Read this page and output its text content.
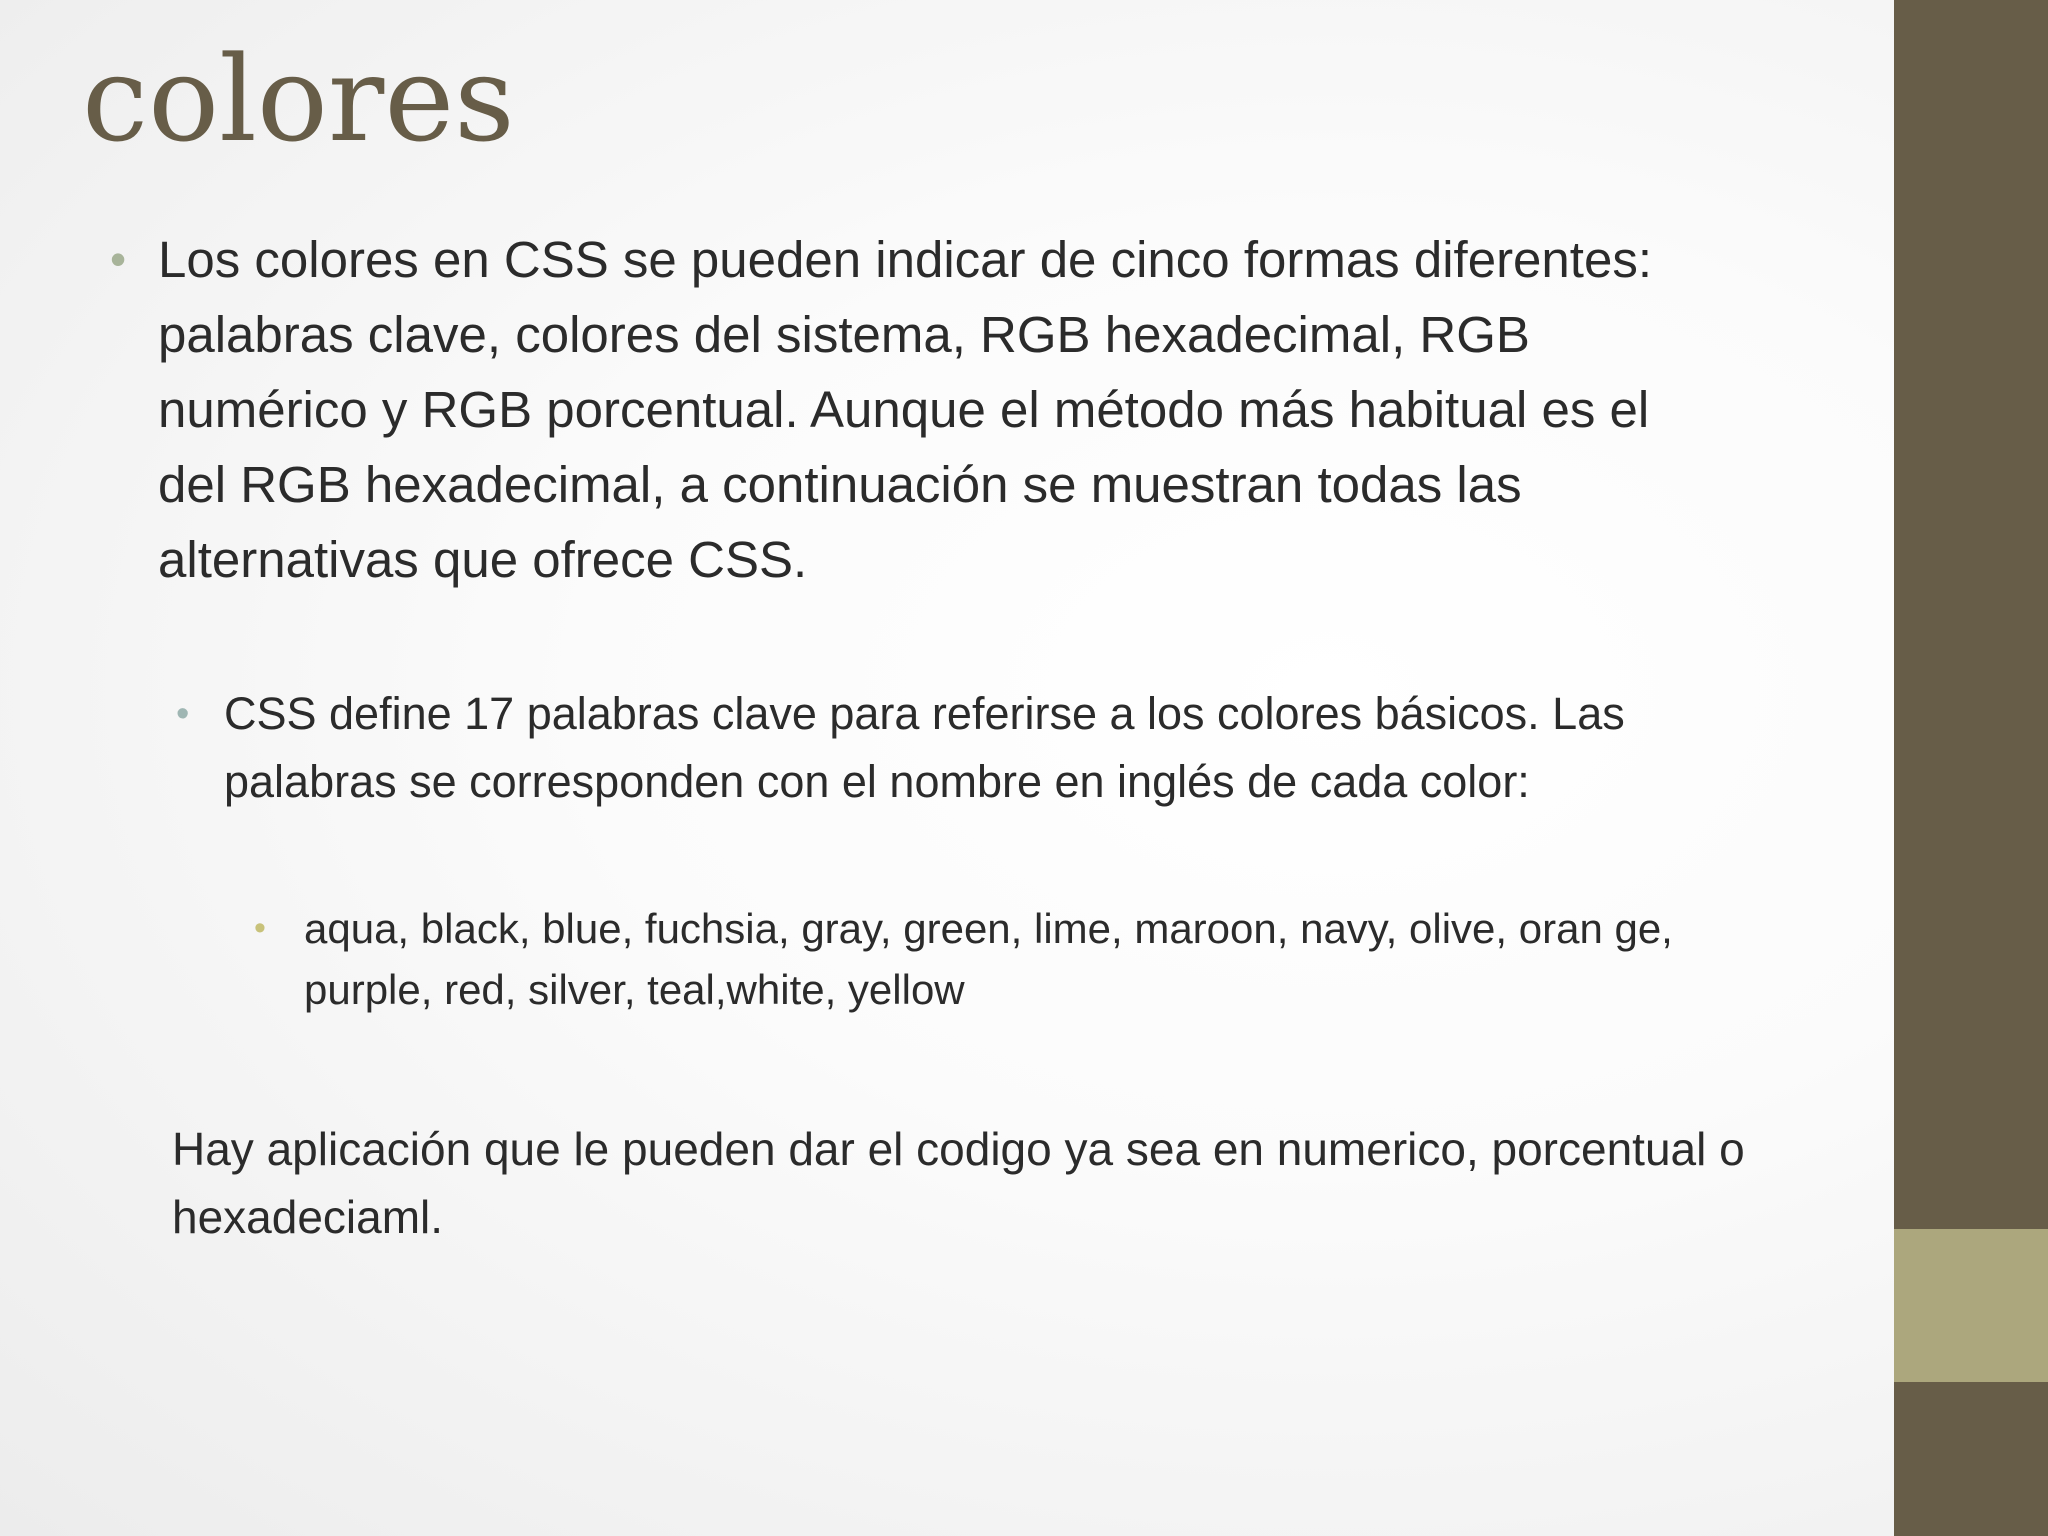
colores

• Los colores en CSS se pueden indicar de cinco formas diferentes: palabras clave, colores del sistema, RGB hexadecimal, RGB numérico y RGB porcentual. Aunque el método más habitual es el del RGB hexadecimal, a continuación se muestran todas las alternativas que ofrece CSS.

• CSS define 17 palabras clave para referirse a los colores básicos. Las palabras se corresponden con el nombre en inglés de cada color:

• aqua, black, blue, fuchsia, gray, green, lime, maroon, navy, olive, oran ge, purple, red, silver, teal,white, yellow

Hay aplicación que le pueden dar el codigo ya sea en numerico, porcentual o hexadeciaml.
